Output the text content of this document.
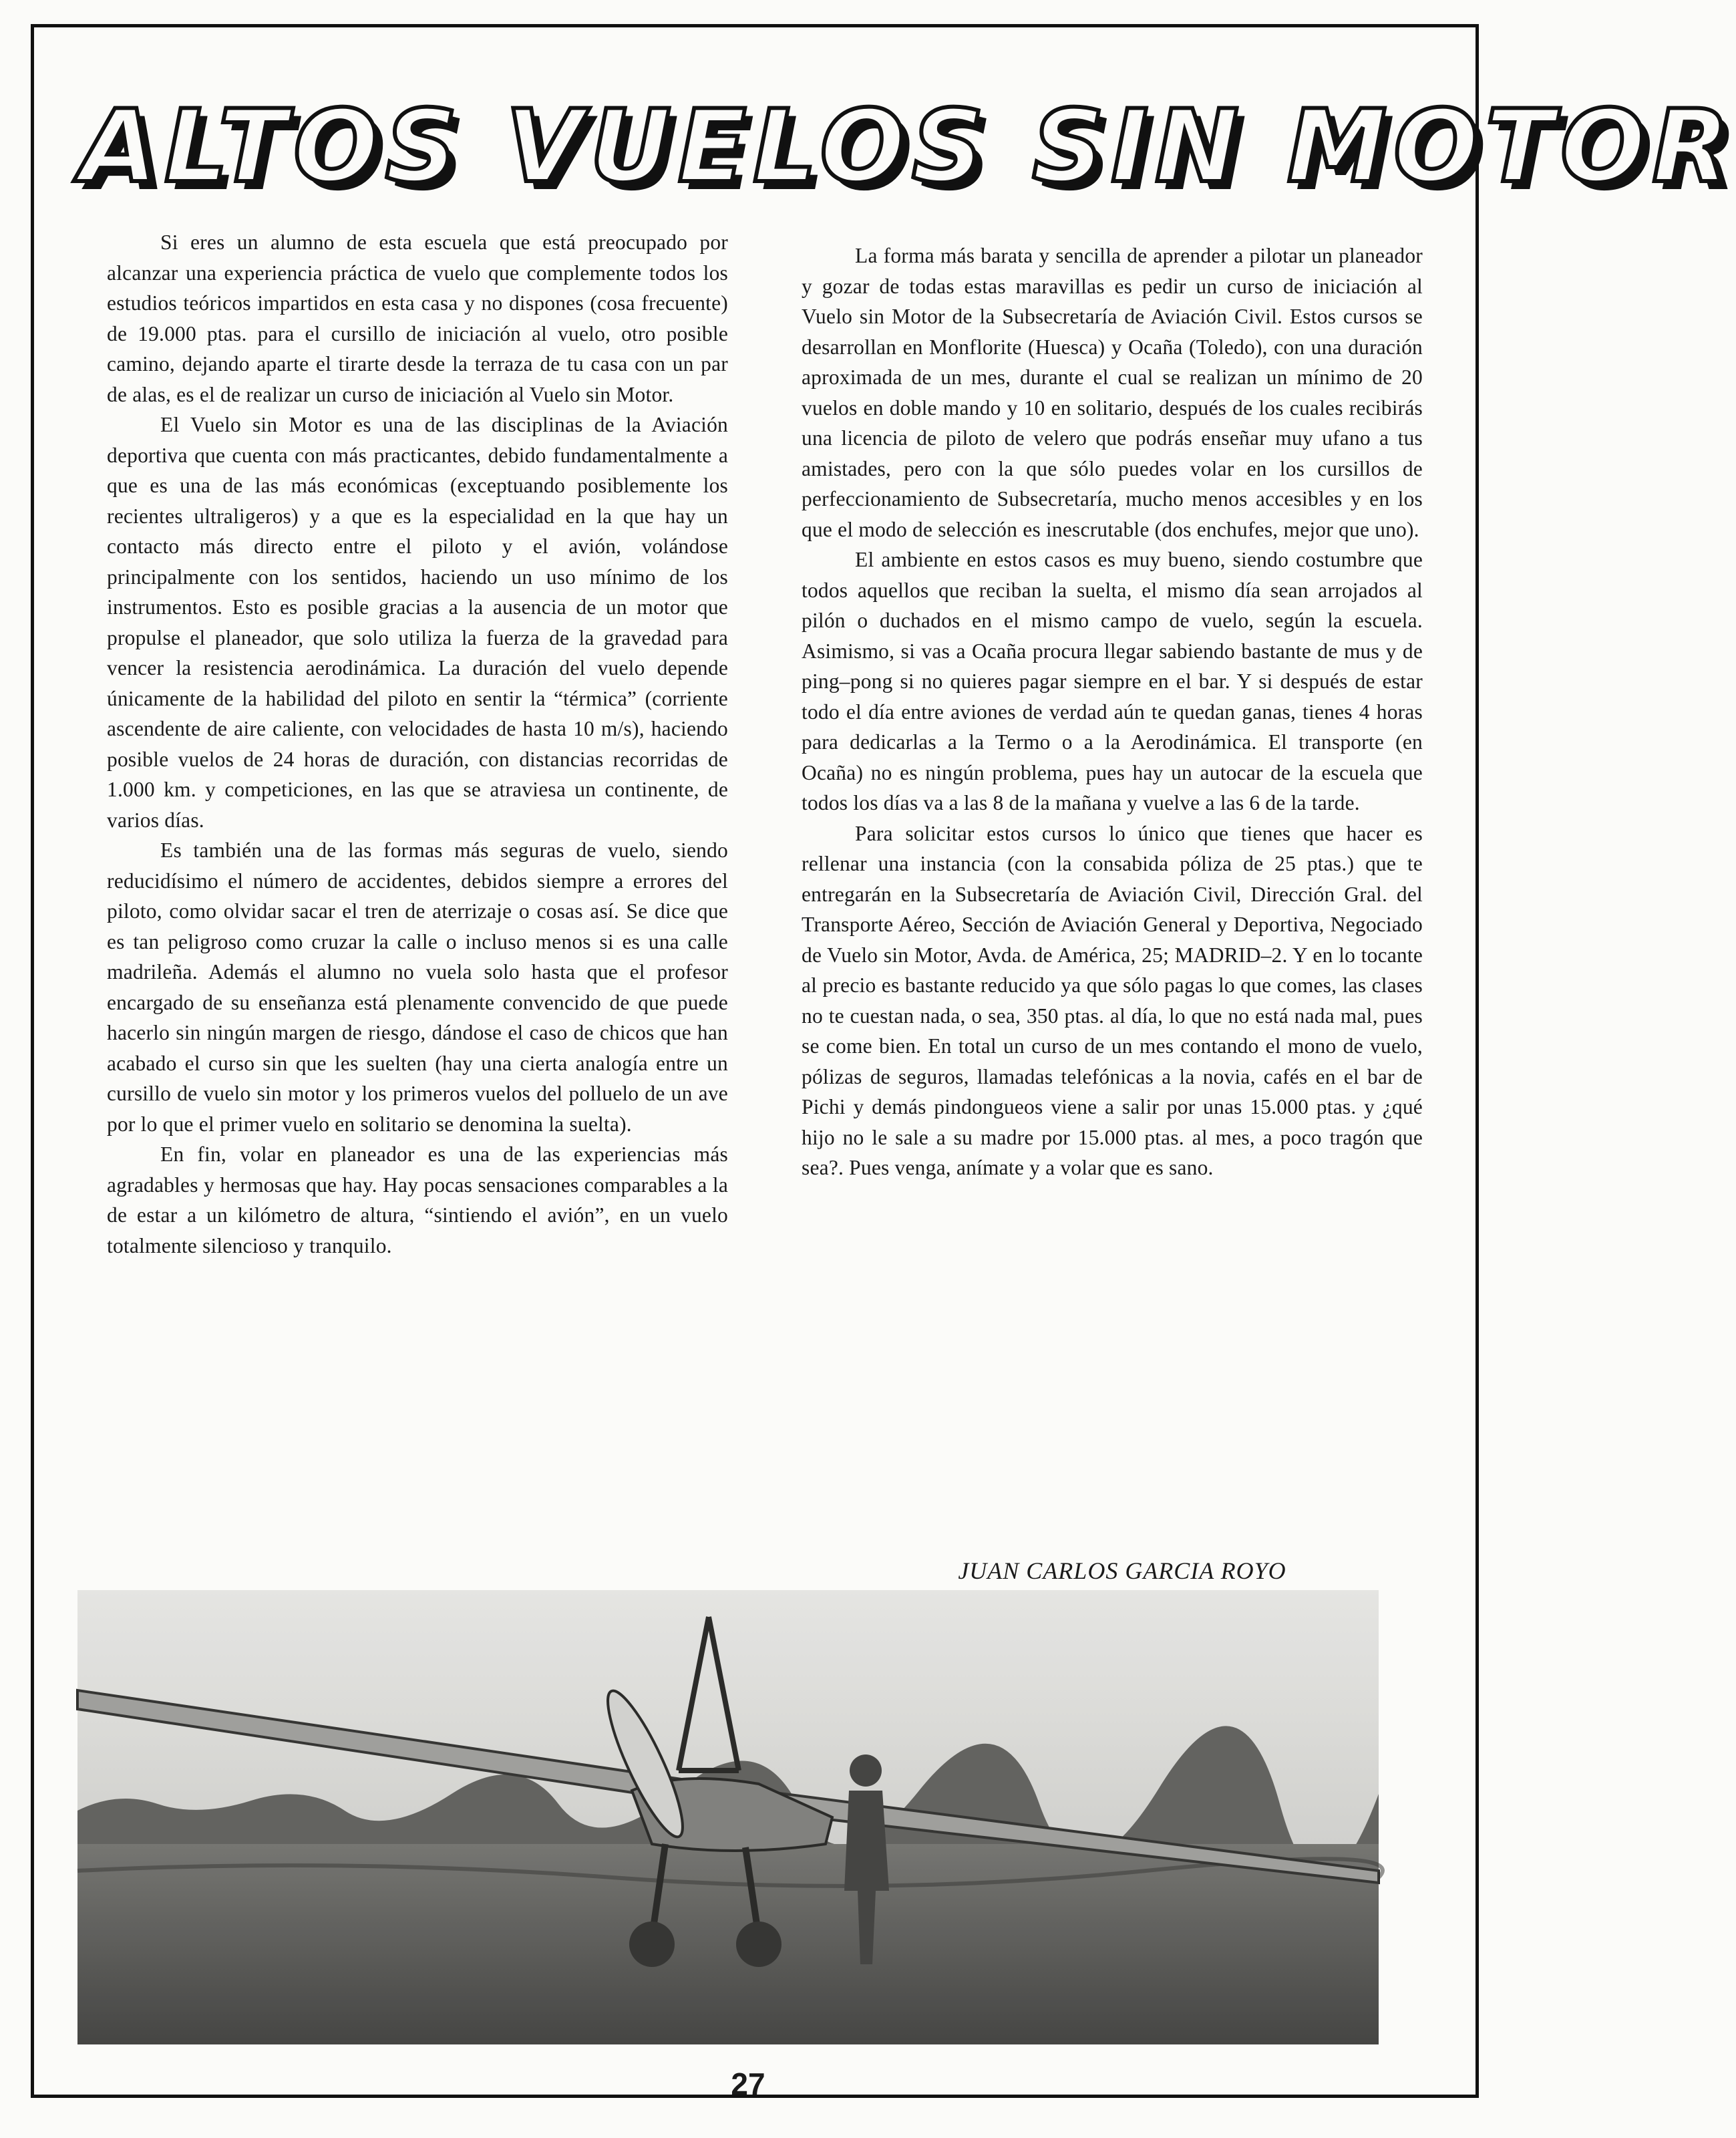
ALTOS VUELOS SIN MOTOR

Si eres un alumno de esta escuela que está preocupado por alcanzar una experiencia práctica de vuelo que complemente todos los estudios teóricos impartidos en esta casa y no dispones (cosa frecuente) de 19.000 ptas. para el cursillo de iniciación al vuelo, otro posible camino, dejando aparte el tirarte desde la terraza de tu casa con un par de alas, es el de realizar un curso de iniciación al Vuelo sin Motor.

El Vuelo sin Motor es una de las disciplinas de la Aviación deportiva que cuenta con más practicantes, debido fundamentalmente a que es una de las más económicas (exceptuando posiblemente los recientes ultraligeros) y a que es la especialidad en la que hay un contacto más directo entre el piloto y el avión, volándose principalmente con los sentidos, haciendo un uso mínimo de los instrumentos. Esto es posible gracias a la ausencia de un motor que propulse el planeador, que solo utiliza la fuerza de la gravedad para vencer la resistencia aerodinámica. La duración del vuelo depende únicamente de la habilidad del piloto en sentir la “térmica” (corriente ascendente de aire caliente, con velocidades de hasta 10 m/s), haciendo posible vuelos de 24 horas de duración, con distancias recorridas de 1.000 km. y competiciones, en las que se atraviesa un continente, de varios días.

Es también una de las formas más seguras de vuelo, siendo reducidísimo el número de accidentes, debidos siempre a errores del piloto, como olvidar sacar el tren de aterrizaje o cosas así. Se dice que es tan peligroso como cruzar la calle o incluso menos si es una calle madrileña. Además el alumno no vuela solo hasta que el profesor encargado de su enseñanza está plenamente convencido de que puede hacerlo sin ningún margen de riesgo, dándose el caso de chicos que han acabado el curso sin que les suelten (hay una cierta analogía entre un cursillo de vuelo sin motor y los primeros vuelos del polluelo de un ave por lo que el primer vuelo en solitario se denomina la suelta).

En fin, volar en planeador es una de las experiencias más agradables y hermosas que hay. Hay pocas sensaciones comparables a la de estar a un kilómetro de altura, “sintiendo el avión”, en un vuelo totalmente silencioso y tranquilo.

La forma más barata y sencilla de aprender a pilotar un planeador y gozar de todas estas maravillas es pedir un curso de iniciación al Vuelo sin Motor de la Subsecretaría de Aviación Civil. Estos cursos se desarrollan en Monflorite (Huesca) y Ocaña (Toledo), con una duración aproximada de un mes, durante el cual se realizan un mínimo de 20 vuelos en doble mando y 10 en solitario, después de los cuales recibirás una licencia de piloto de velero que podrás enseñar muy ufano a tus amistades, pero con la que sólo puedes volar en los cursillos de perfeccionamiento de Subsecretaría, mucho menos accesibles y en los que el modo de selección es inescrutable (dos enchufes, mejor que uno).

El ambiente en estos casos es muy bueno, siendo costumbre que todos aquellos que reciban la suelta, el mismo día sean arrojados al pilón o duchados en el mismo campo de vuelo, según la escuela. Asimismo, si vas a Ocaña procura llegar sabiendo bastante de mus y de ping–pong si no quieres pagar siempre en el bar. Y si después de estar todo el día entre aviones de verdad aún te quedan ganas, tienes 4 horas para dedicarlas a la Termo o a la Aerodinámica. El transporte (en Ocaña) no es ningún problema, pues hay un autocar de la escuela que todos los días va a las 8 de la mañana y vuelve a las 6 de la tarde.

Para solicitar estos cursos lo único que tienes que hacer es rellenar una instancia (con la consabida póliza de 25 ptas.) que te entregarán en la Subsecretaría de Aviación Civil, Dirección Gral. del Transporte Aéreo, Sección de Aviación General y Deportiva, Negociado de Vuelo sin Motor, Avda. de América, 25; MADRID–2. Y en lo tocante al precio es bastante reducido ya que sólo pagas lo que comes, las clases no te cuestan nada, o sea, 350 ptas. al día, lo que no está nada mal, pues se come bien. En total un curso de un mes contando el mono de vuelo, pólizas de seguros, llamadas telefónicas a la novia, cafés en el bar de Pichi y demás pindongueos viene a salir por unas 15.000 ptas. y ¿qué hijo no le sale a su madre por 15.000 ptas. al mes, a poco tragón que sea?. Pues venga, anímate y a volar que es sano.

JUAN CARLOS GARCIA ROYO
27
